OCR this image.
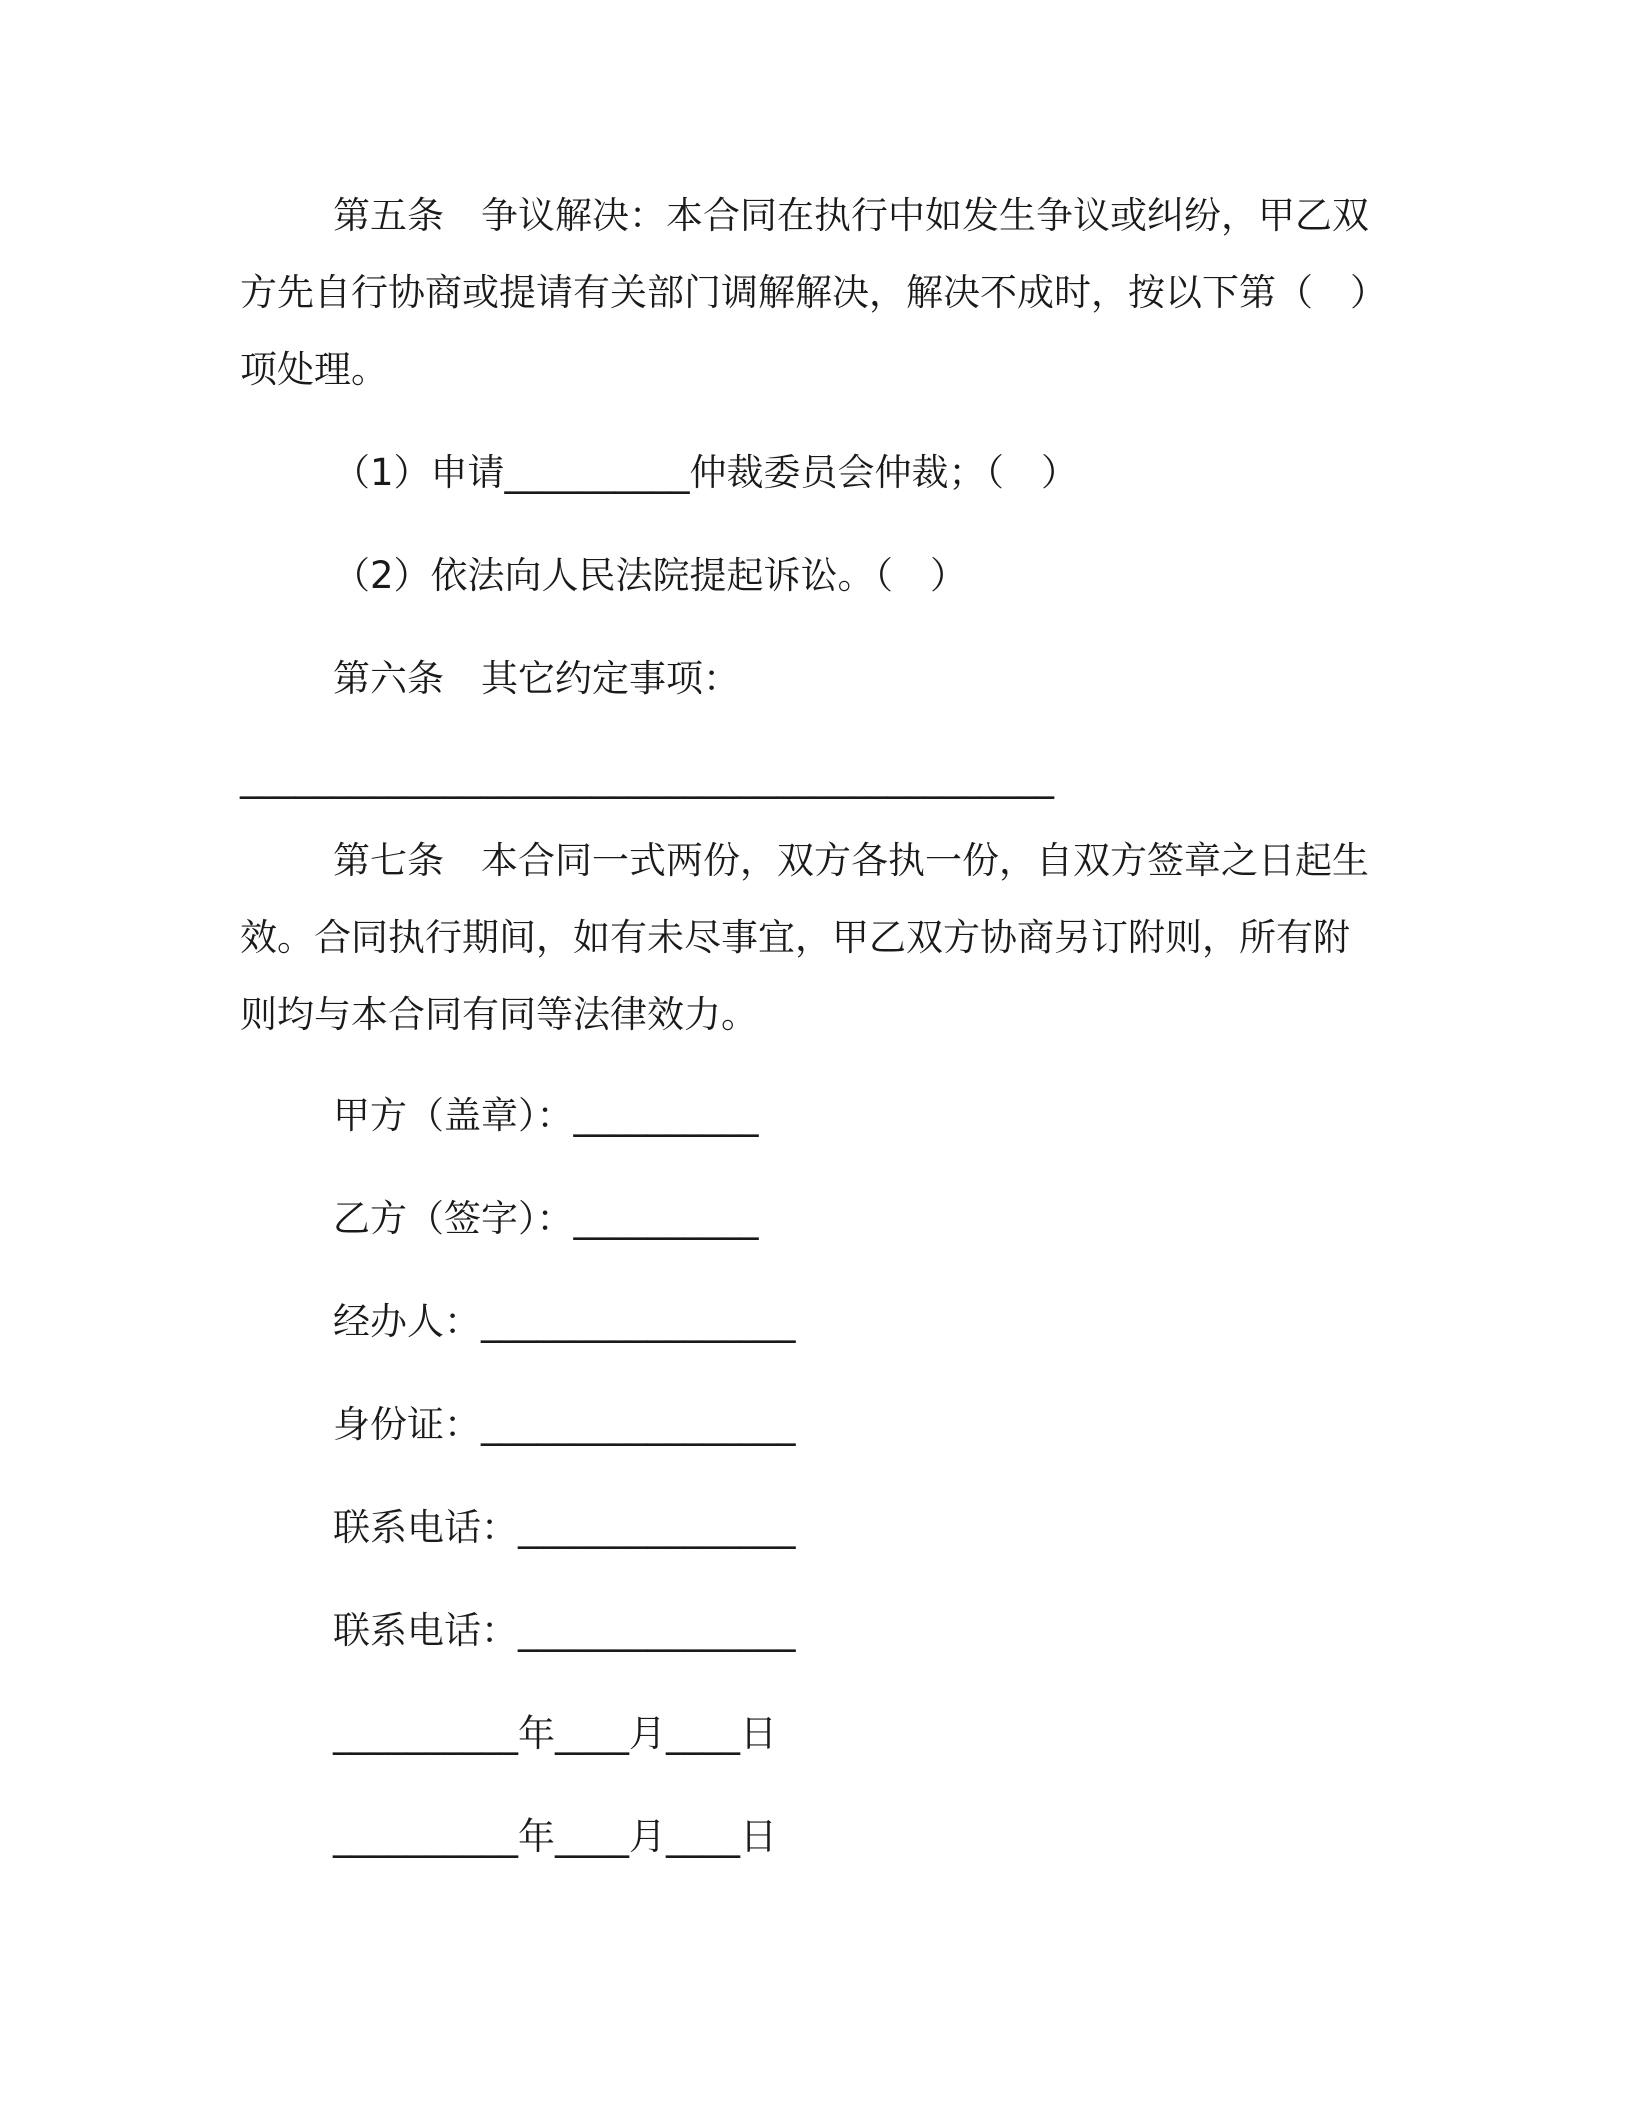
第五条　争议解决：本合同在执行中如发生争议或纠纷，甲乙双
方先自行协商或提请有关部门调解解决，解决不成时，按以下第（　）
项处理。
（1）申请__________仲裁委员会仲裁；（　）
（2）依法向人民法院提起诉讼。（　）
第六条　其它约定事项：
____________________________________________
第七条　本合同一式两份，双方各执一份，自双方签章之日起生
效。合同执行期间，如有未尽事宜，甲乙双方协商另订附则，所有附
则均与本合同有同等法律效力。
甲方（盖章）：__________
乙方（签字）：__________
经办人：_________________
身份证：_________________
联系电话：_______________
联系电话：_______________
__________年____月____日
__________年____月____日
